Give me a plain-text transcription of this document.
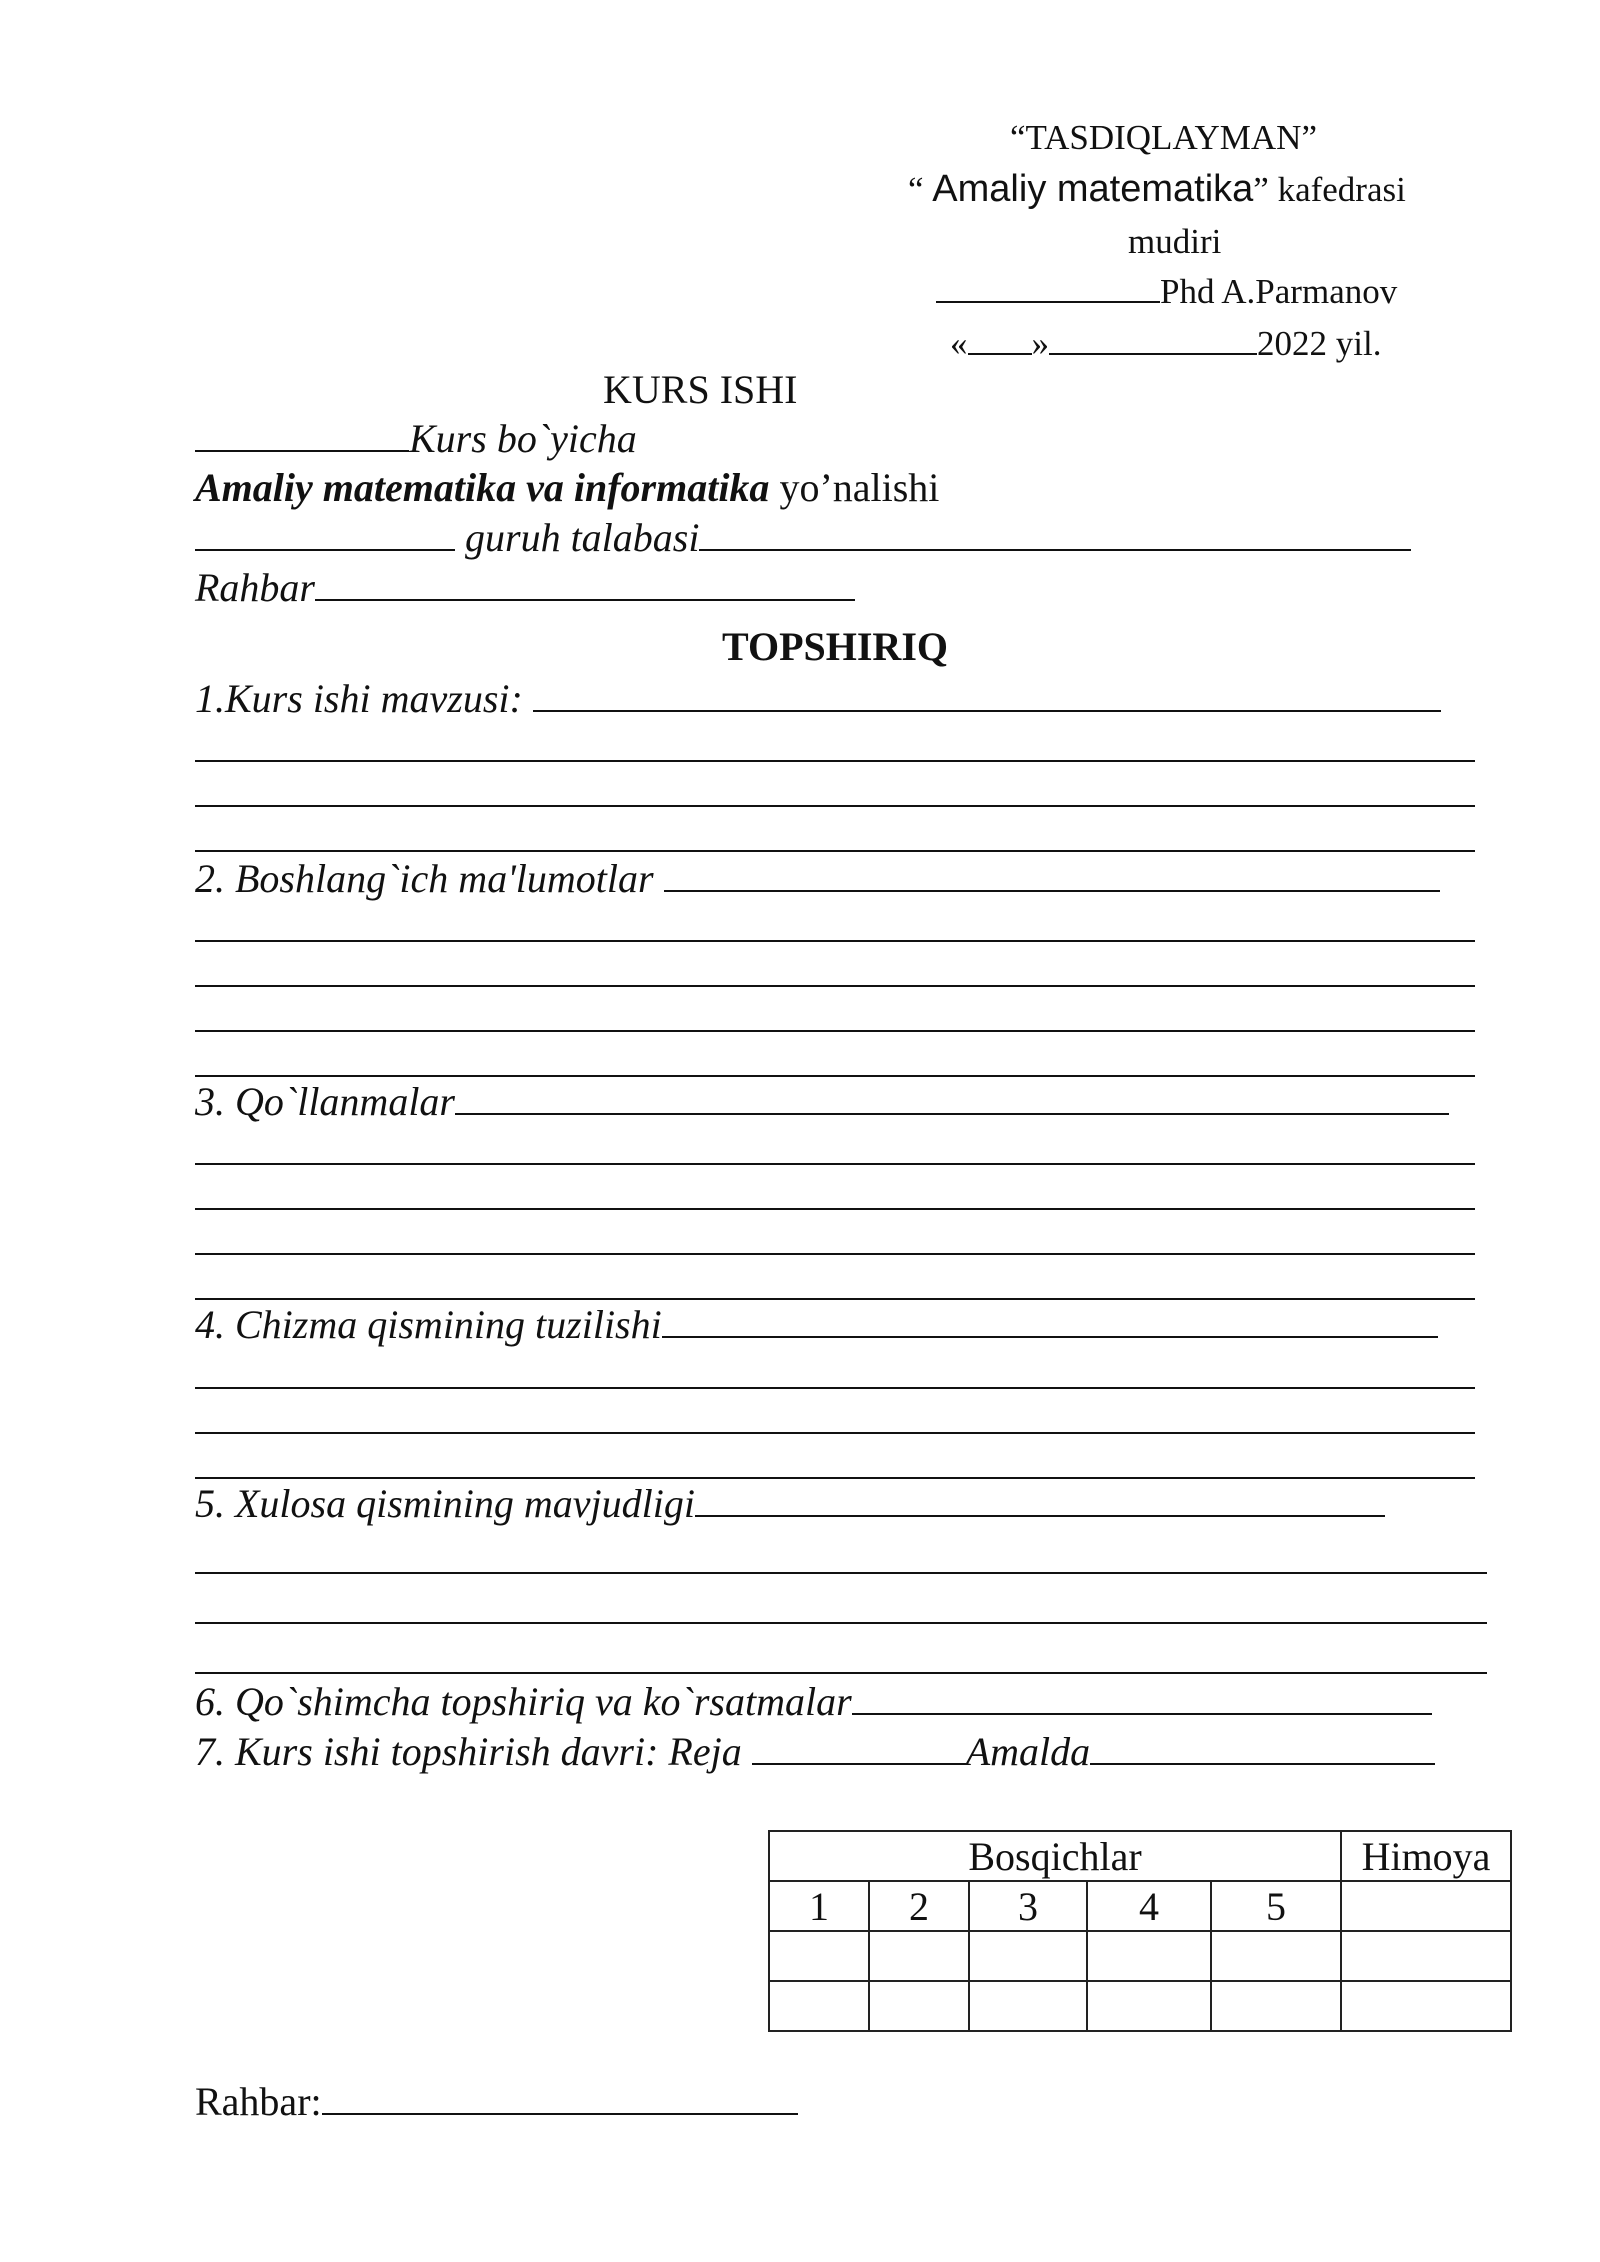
“TASDIQLAYMAN”
“ Amaliy matematika” kafedrasi
mudiri
Phd A.Parmanov
« »	2022 yil.
KURS ISHI
Kurs bo`yicha
Amaliy matematika va informatika yo’nalishi
guruh talabasi
Rahbar
TOPSHIRIQ
1.Kurs ishi mavzusi:
2. Boshlang`ich ma'lumotlar
3. Qo`llanmalar
4. Chizma qismining tuzilishi
5. Xulosa qismining mavjudligi
6. Qo`shimcha topshiriq va ko`rsatmalar
7. Kurs ishi topshirish davri: Reja	Amalda
Bosqichlar					Himoya
1	2	3	4	5	

Rahbar:
